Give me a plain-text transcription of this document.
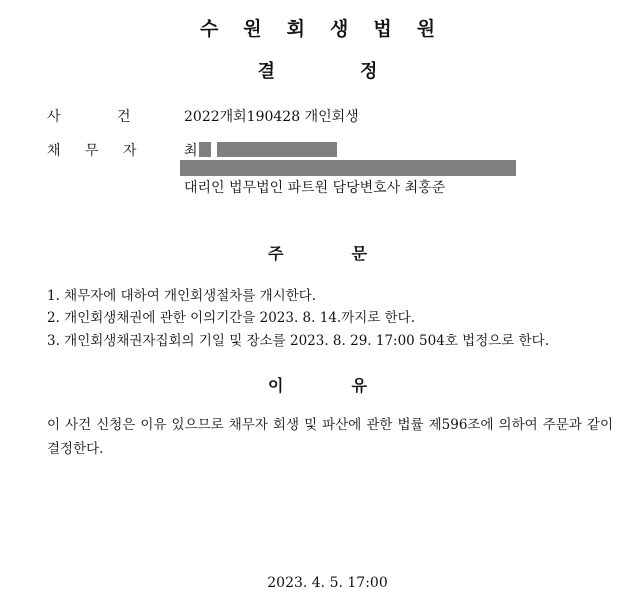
수원회생법원
결정
사 건	2022개회190428 개인회생
채 무 자	최
대리인 법무법인 파트원 담당변호사 최홍준
주문
1. 채무자에 대하여 개인회생절차를 개시한다.
2. 개인회생채권에 관한 이의기간을 2023. 8. 14.까지로 한다.
3. 개인회생채권자집회의 기일 및 장소를 2023. 8. 29. 17:00 504호 법정으로 한다.
이유
이 사건 신청은 이유 있으므로 채무자 회생 및 파산에 관한 법률 제596조에 의하여 주문과 같이 결정한다.
2023. 4. 5. 17:00
